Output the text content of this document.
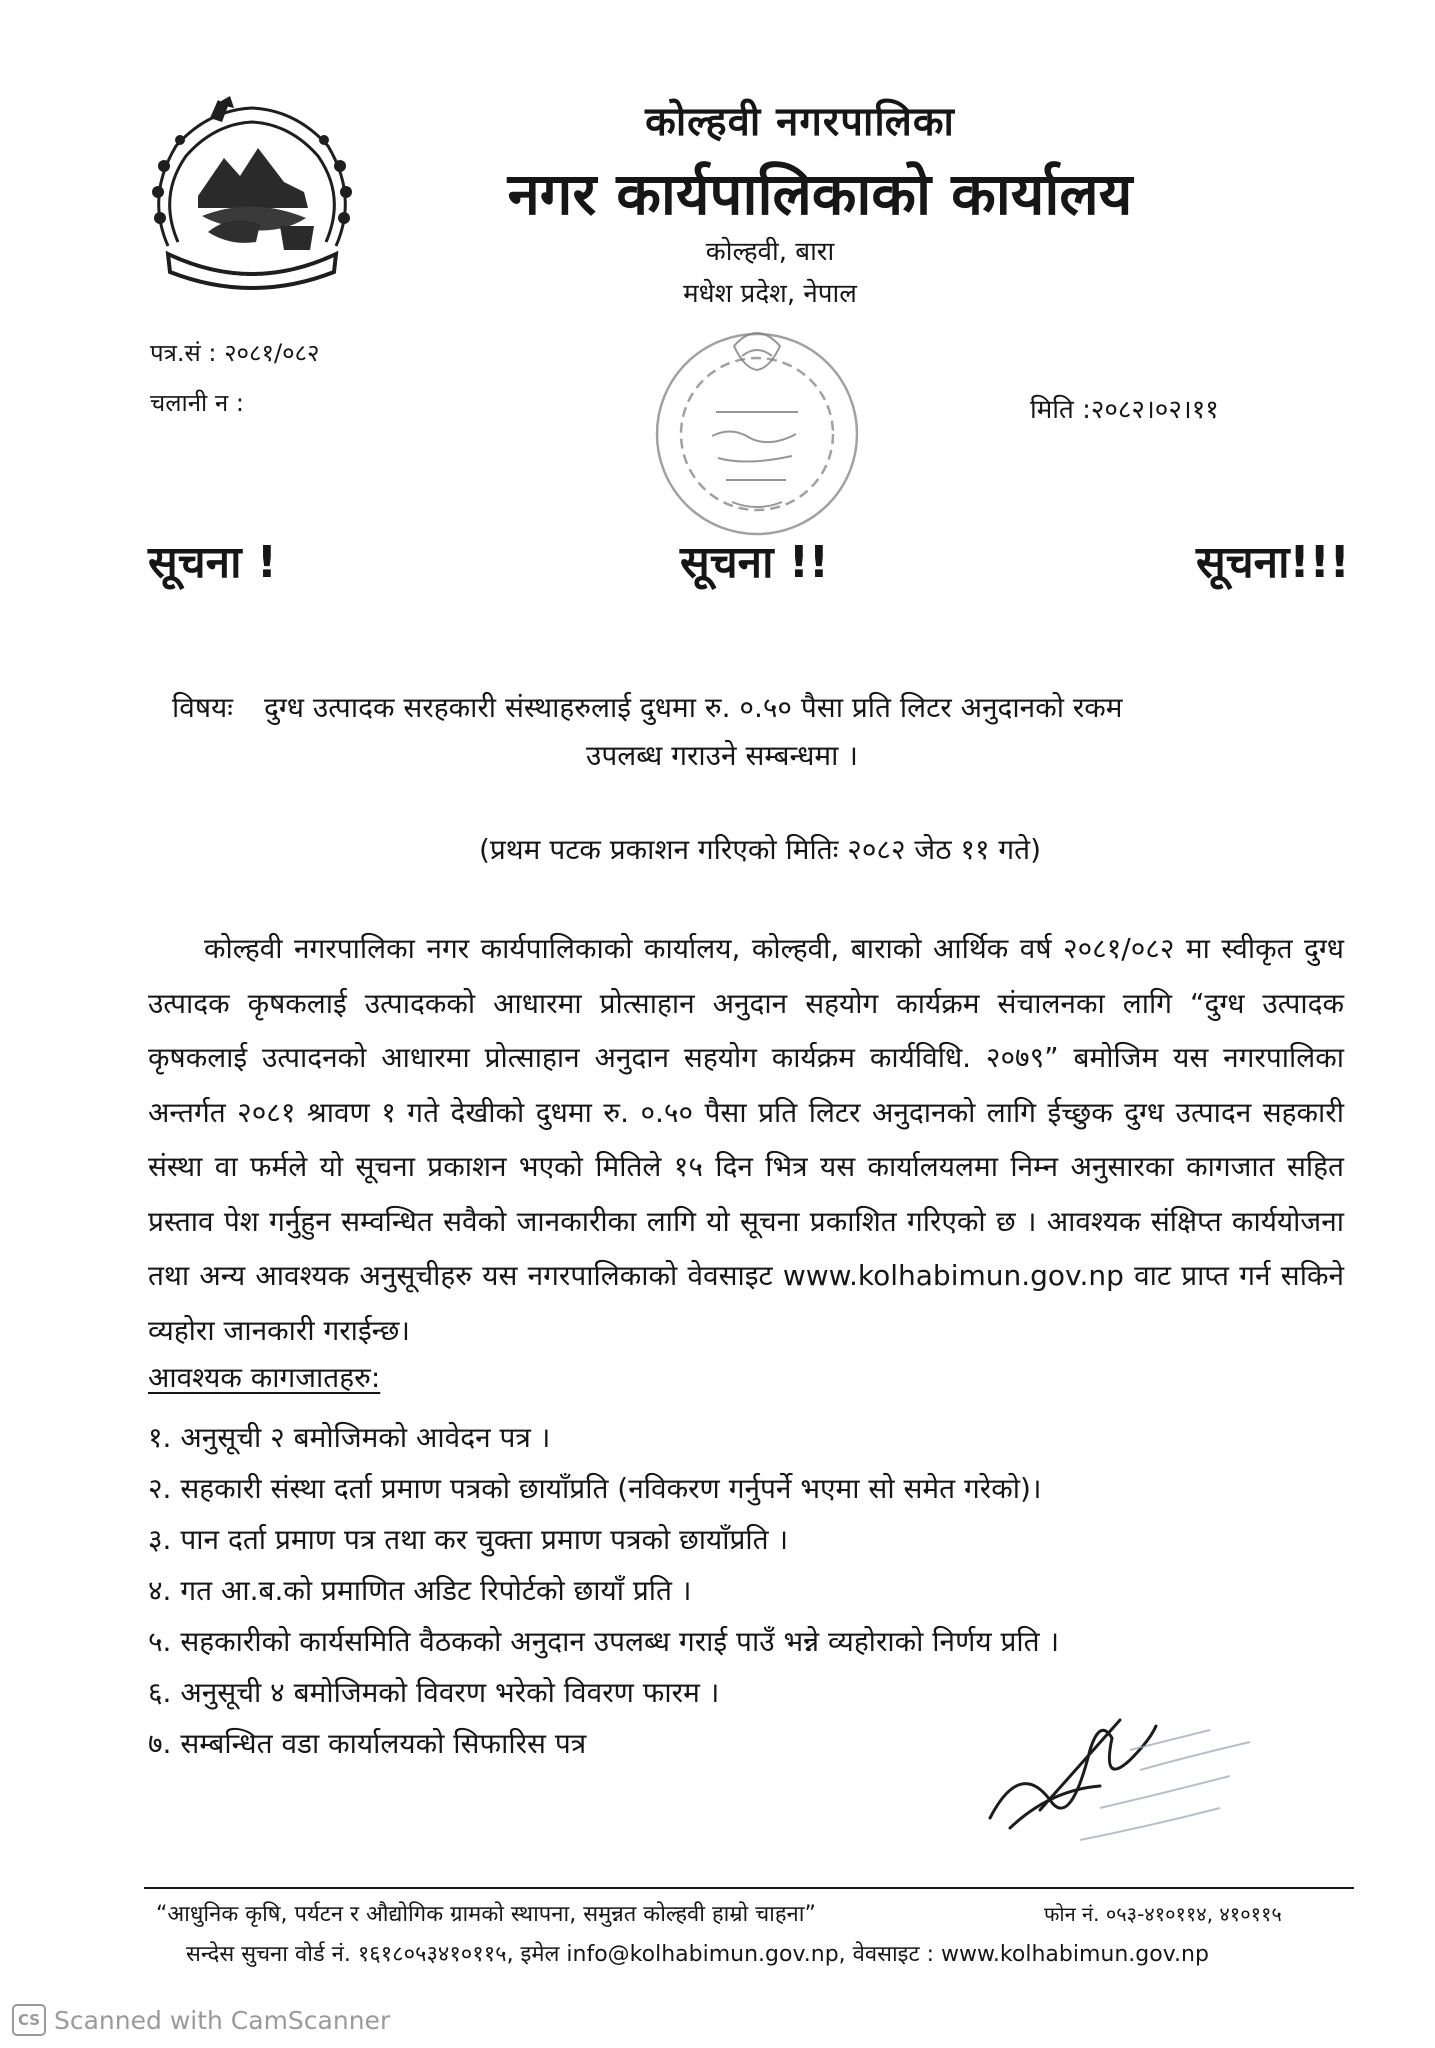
कोल्हवी नगरपालिका
नगर कार्यपालिकाको कार्यालय
कोल्हवी, बारा
मधेश प्रदेश, नेपाल
पत्र.सं : २०८१/०८२
चलानी न :	मिति :२०८२।०२।११
सूचना !	सूचना !!	सूचना!!!
विषयः दुग्ध उत्पादक सरहकारी संस्थाहरुलाई दुधमा रु. ०.५० पैसा प्रति लिटर अनुदानको रकम
उपलब्ध गराउने सम्बन्धमा ।
(प्रथम पटक प्रकाशन गरिएको मितिः २०८२ जेठ ११ गते)
कोल्हवी नगरपालिका नगर कार्यपालिकाको कार्यालय, कोल्हवी, बाराको आर्थिक वर्ष २०८१/०८२ मा स्वीकृत दुग्ध उत्पादक कृषकलाई उत्पादकको आधारमा प्रोत्साहान अनुदान सहयोग कार्यक्रम संचालनका लागि “दुग्ध उत्पादक कृषकलाई उत्पादनको आधारमा प्रोत्साहान अनुदान सहयोग कार्यक्रम कार्यविधि. २०७९” बमोजिम यस नगरपालिका अन्तर्गत २०८१ श्रावण १ गते देखीको दुधमा रु. ०.५० पैसा प्रति लिटर अनुदानको लागि ईच्छुक दुग्ध उत्पादन सहकारी संस्था वा फर्मले यो सूचना प्रकाशन भएको मितिले १५ दिन भित्र यस कार्यालयलमा निम्न अनुसारका कागजात सहित प्रस्ताव पेश गर्नुहुन सम्वन्धित सवैको जानकारीका लागि यो सूचना प्रकाशित गरिएको छ । आवश्यक संक्षिप्त कार्ययोजना तथा अन्य आवश्यक अनुसूचीहरु यस नगरपालिकाको वेवसाइट www.kolhabimun.gov.np वाट प्राप्त गर्न सकिने व्यहोरा जानकारी गराईन्छ।
आवश्यक कागजातहरु:
१. अनुसूची २ बमोजिमको आवेदन पत्र ।
२. सहकारी संस्था दर्ता प्रमाण पत्रको छायाँप्रति (नविकरण गर्नुपर्ने भएमा सो समेत गरेको)।
३. पान दर्ता प्रमाण पत्र तथा कर चुक्ता प्रमाण पत्रको छायाँप्रति ।
४. गत आ.ब.को प्रमाणित अडिट रिपोर्टको छायाँ प्रति ।
५. सहकारीको कार्यसमिति वैठकको अनुदान उपलब्ध गराई पाउँ भन्ने व्यहोराको निर्णय प्रति ।
६. अनुसूची ४ बमोजिमको विवरण भरेको विवरण फारम ।
७. सम्बन्धित वडा कार्यालयको सिफारिस पत्र
“आधुनिक कृषि, पर्यटन र औद्योगिक ग्रामको स्थापना, समुन्नत कोल्हवी हाम्रो चाहना”	फोन नं. ०५३-४१०११४, ४१०११५
सन्देस सुचना वोर्ड नं. १६१८०५३४१०११५, इमेल info@kolhabimun.gov.np, वेवसाइट : www.kolhabimun.gov.np
CS Scanned with CamScanner
